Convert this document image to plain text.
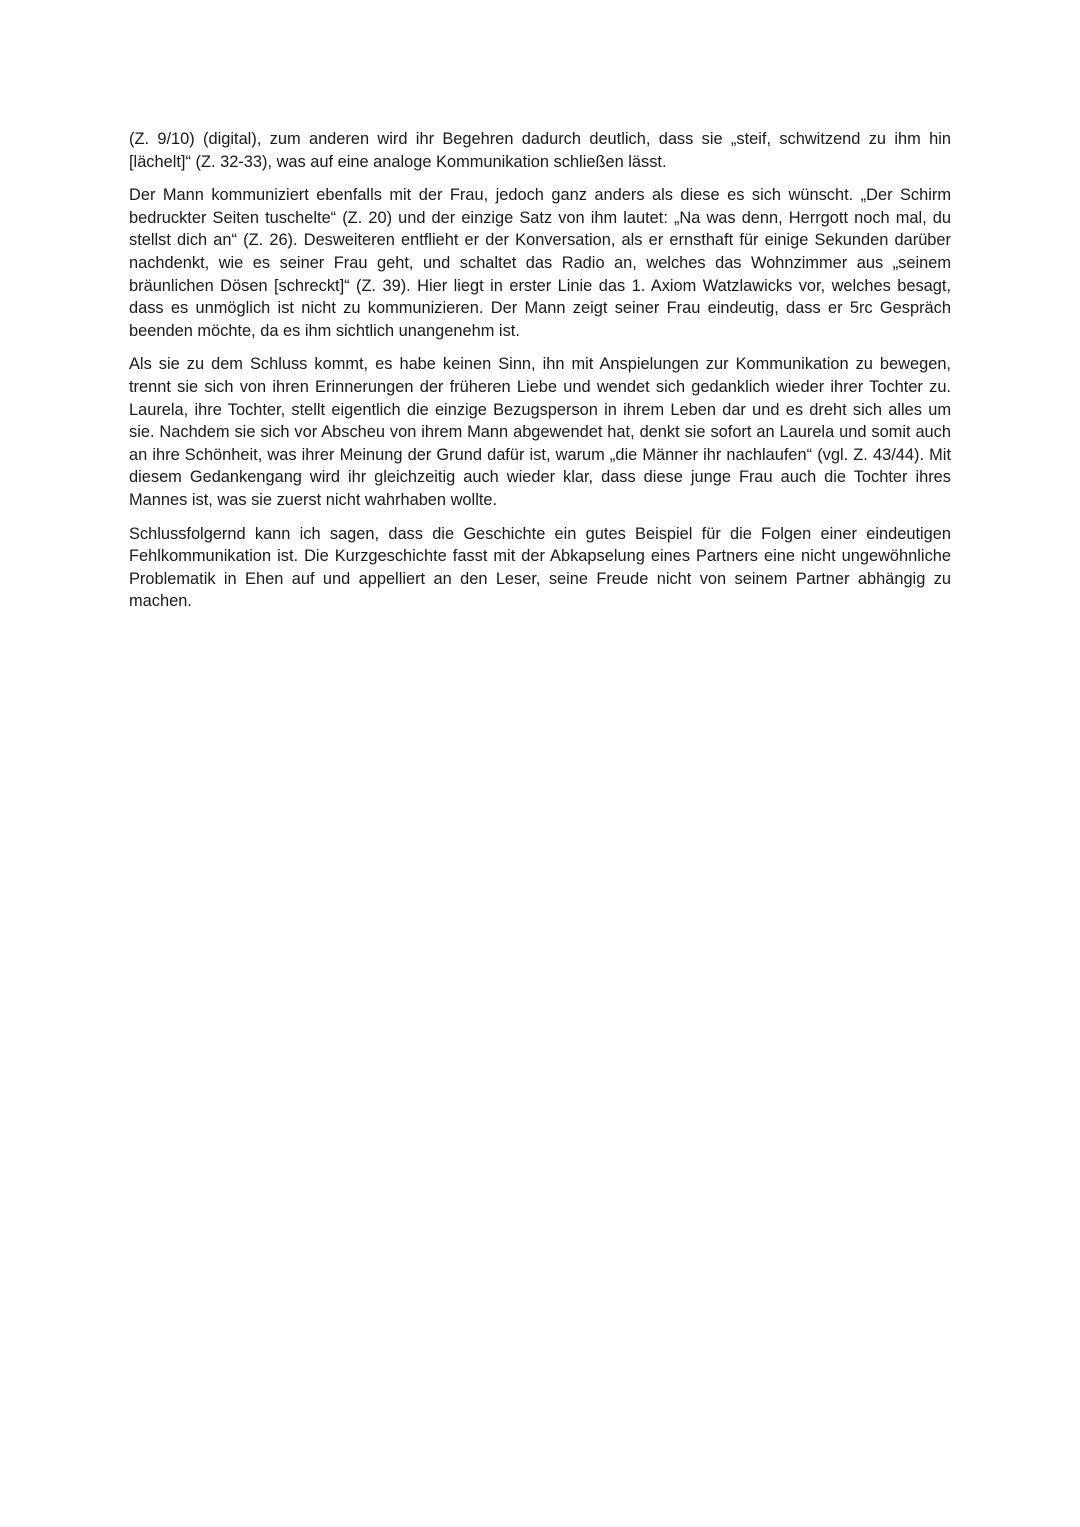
(Z. 9/10) (digital), zum anderen wird ihr Begehren dadurch deutlich, dass sie „steif, schwitzend zu ihm hin [lächelt]“ (Z. 32-33), was auf eine analoge Kommunikation schließen lässt.

Der Mann kommuniziert ebenfalls mit der Frau, jedoch ganz anders als diese es sich wünscht. „Der Schirm bedruckter Seiten tuschelte“ (Z. 20) und der einzige Satz von ihm lautet: „Na was denn, Herrgott noch mal, du stellst dich an“ (Z. 26). Desweiteren entflieht er der Konversation, als er ernsthaft für einige Sekunden darüber nachdenkt, wie es seiner Frau geht, und schaltet das Radio an, welches das Wohnzimmer aus „seinem bräunlichen Dösen [schreckt]“ (Z. 39). Hier liegt in erster Linie das 1. Axiom Watzlawicks vor, welches besagt, dass es unmöglich ist nicht zu kommunizieren. Der Mann zeigt seiner Frau eindeutig, dass er 5rc Gespräch beenden möchte, da es ihm sichtlich unangenehm ist.

Als sie zu dem Schluss kommt, es habe keinen Sinn, ihn mit Anspielungen zur Kommunikation zu bewegen, trennt sie sich von ihren Erinnerungen der früheren Liebe und wendet sich gedanklich wieder ihrer Tochter zu. Laurela, ihre Tochter, stellt eigentlich die einzige Bezugsperson in ihrem Leben dar und es dreht sich alles um sie. Nachdem sie sich vor Abscheu von ihrem Mann abgewendet hat, denkt sie sofort an Laurela und somit auch an ihre Schönheit, was ihrer Meinung der Grund dafür ist, warum „die Männer ihr nachlaufen“ (vgl. Z. 43/44). Mit diesem Gedankengang wird ihr gleichzeitig auch wieder klar, dass diese junge Frau auch die Tochter ihres Mannes ist, was sie zuerst nicht wahrhaben wollte.

Schlussfolgernd kann ich sagen, dass die Geschichte ein gutes Beispiel für die Folgen einer eindeutigen Fehlkommunikation ist. Die Kurzgeschichte fasst mit der Abkapselung eines Partners eine nicht ungewöhnliche Problematik in Ehen auf und appelliert an den Leser, seine Freude nicht von seinem Partner abhängig zu machen.
